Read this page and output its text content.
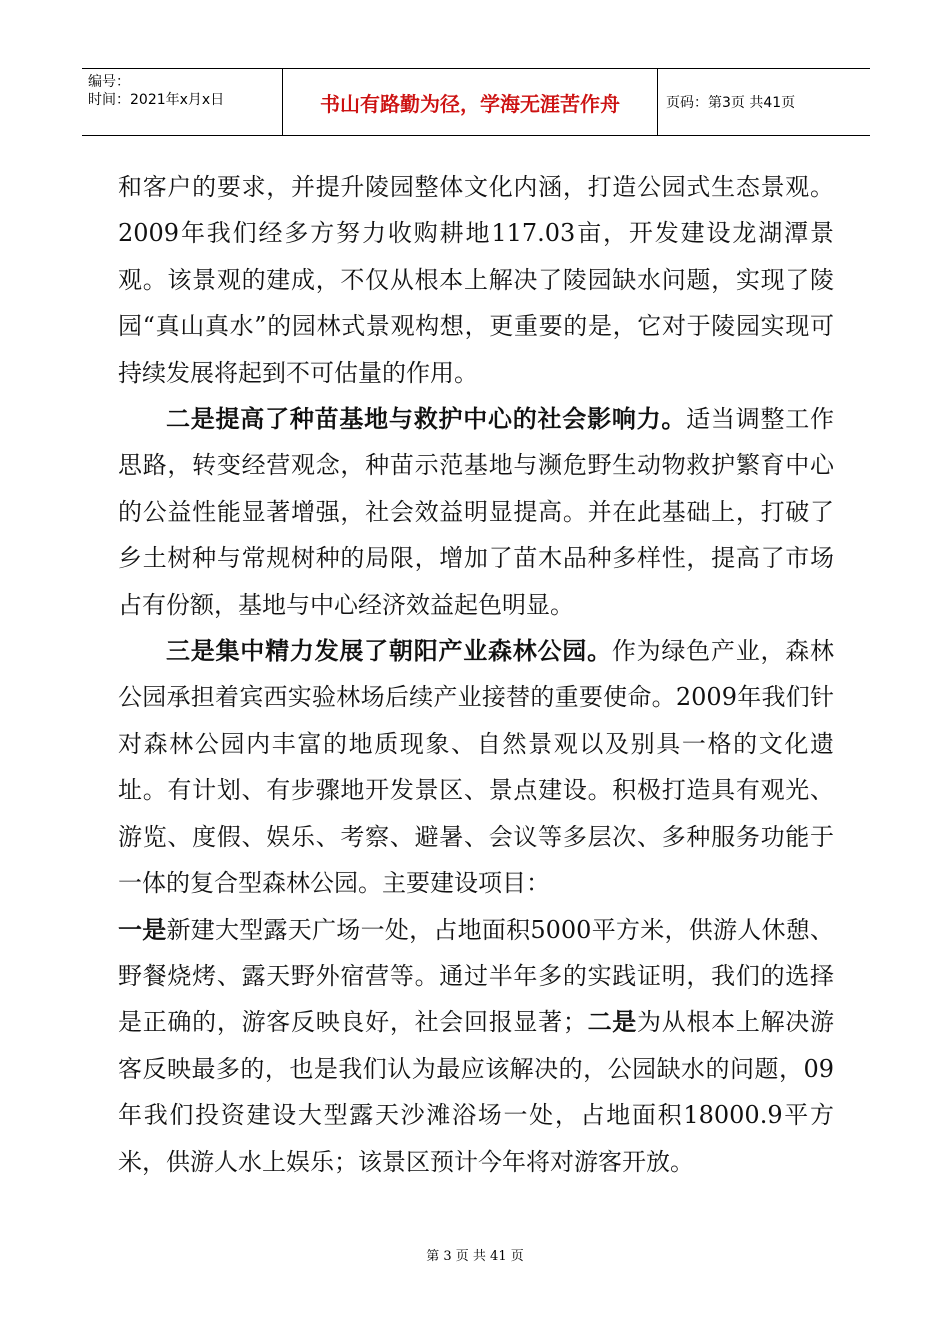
编号：
时间：2021年x月x日	书山有路勤为径，学海无涯苦作舟	页码：第3页 共41页

和客户的要求，并提升陵园整体文化内涵，打造公园式生态景观。2009年我们经多方努力收购耕地117.03亩，开发建设龙湖潭景观。该景观的建成，不仅从根本上解决了陵园缺水问题，实现了陵园“真山真水”的园林式景观构想，更重要的是，它对于陵园实现可持续发展将起到不可估量的作用。

二是提高了种苗基地与救护中心的社会影响力。适当调整工作思路，转变经营观念，种苗示范基地与濒危野生动物救护繁育中心的公益性能显著增强，社会效益明显提高。并在此基础上，打破了乡土树种与常规树种的局限，增加了苗木品种多样性，提高了市场占有份额，基地与中心经济效益起色明显。

三是集中精力发展了朝阳产业森林公园。作为绿色产业，森林公园承担着宾西实验林场后续产业接替的重要使命。2009年我们针对森林公园内丰富的地质现象、自然景观以及别具一格的文化遗址。有计划、有步骤地开发景区、景点建设。积极打造具有观光、游览、度假、娱乐、考察、避暑、会议等多层次、多种服务功能于一体的复合型森林公园。主要建设项目：

一是新建大型露天广场一处，占地面积5000平方米，供游人休憩、野餐烧烤、露天野外宿营等。通过半年多的实践证明，我们的选择是正确的，游客反映良好，社会回报显著；二是为从根本上解决游客反映最多的，也是我们认为最应该解决的，公园缺水的问题，09年我们投资建设大型露天沙滩浴场一处，占地面积18000.9平方米，供游人水上娱乐；该景区预计今年将对游客开放。

第 3 页 共 41 页
